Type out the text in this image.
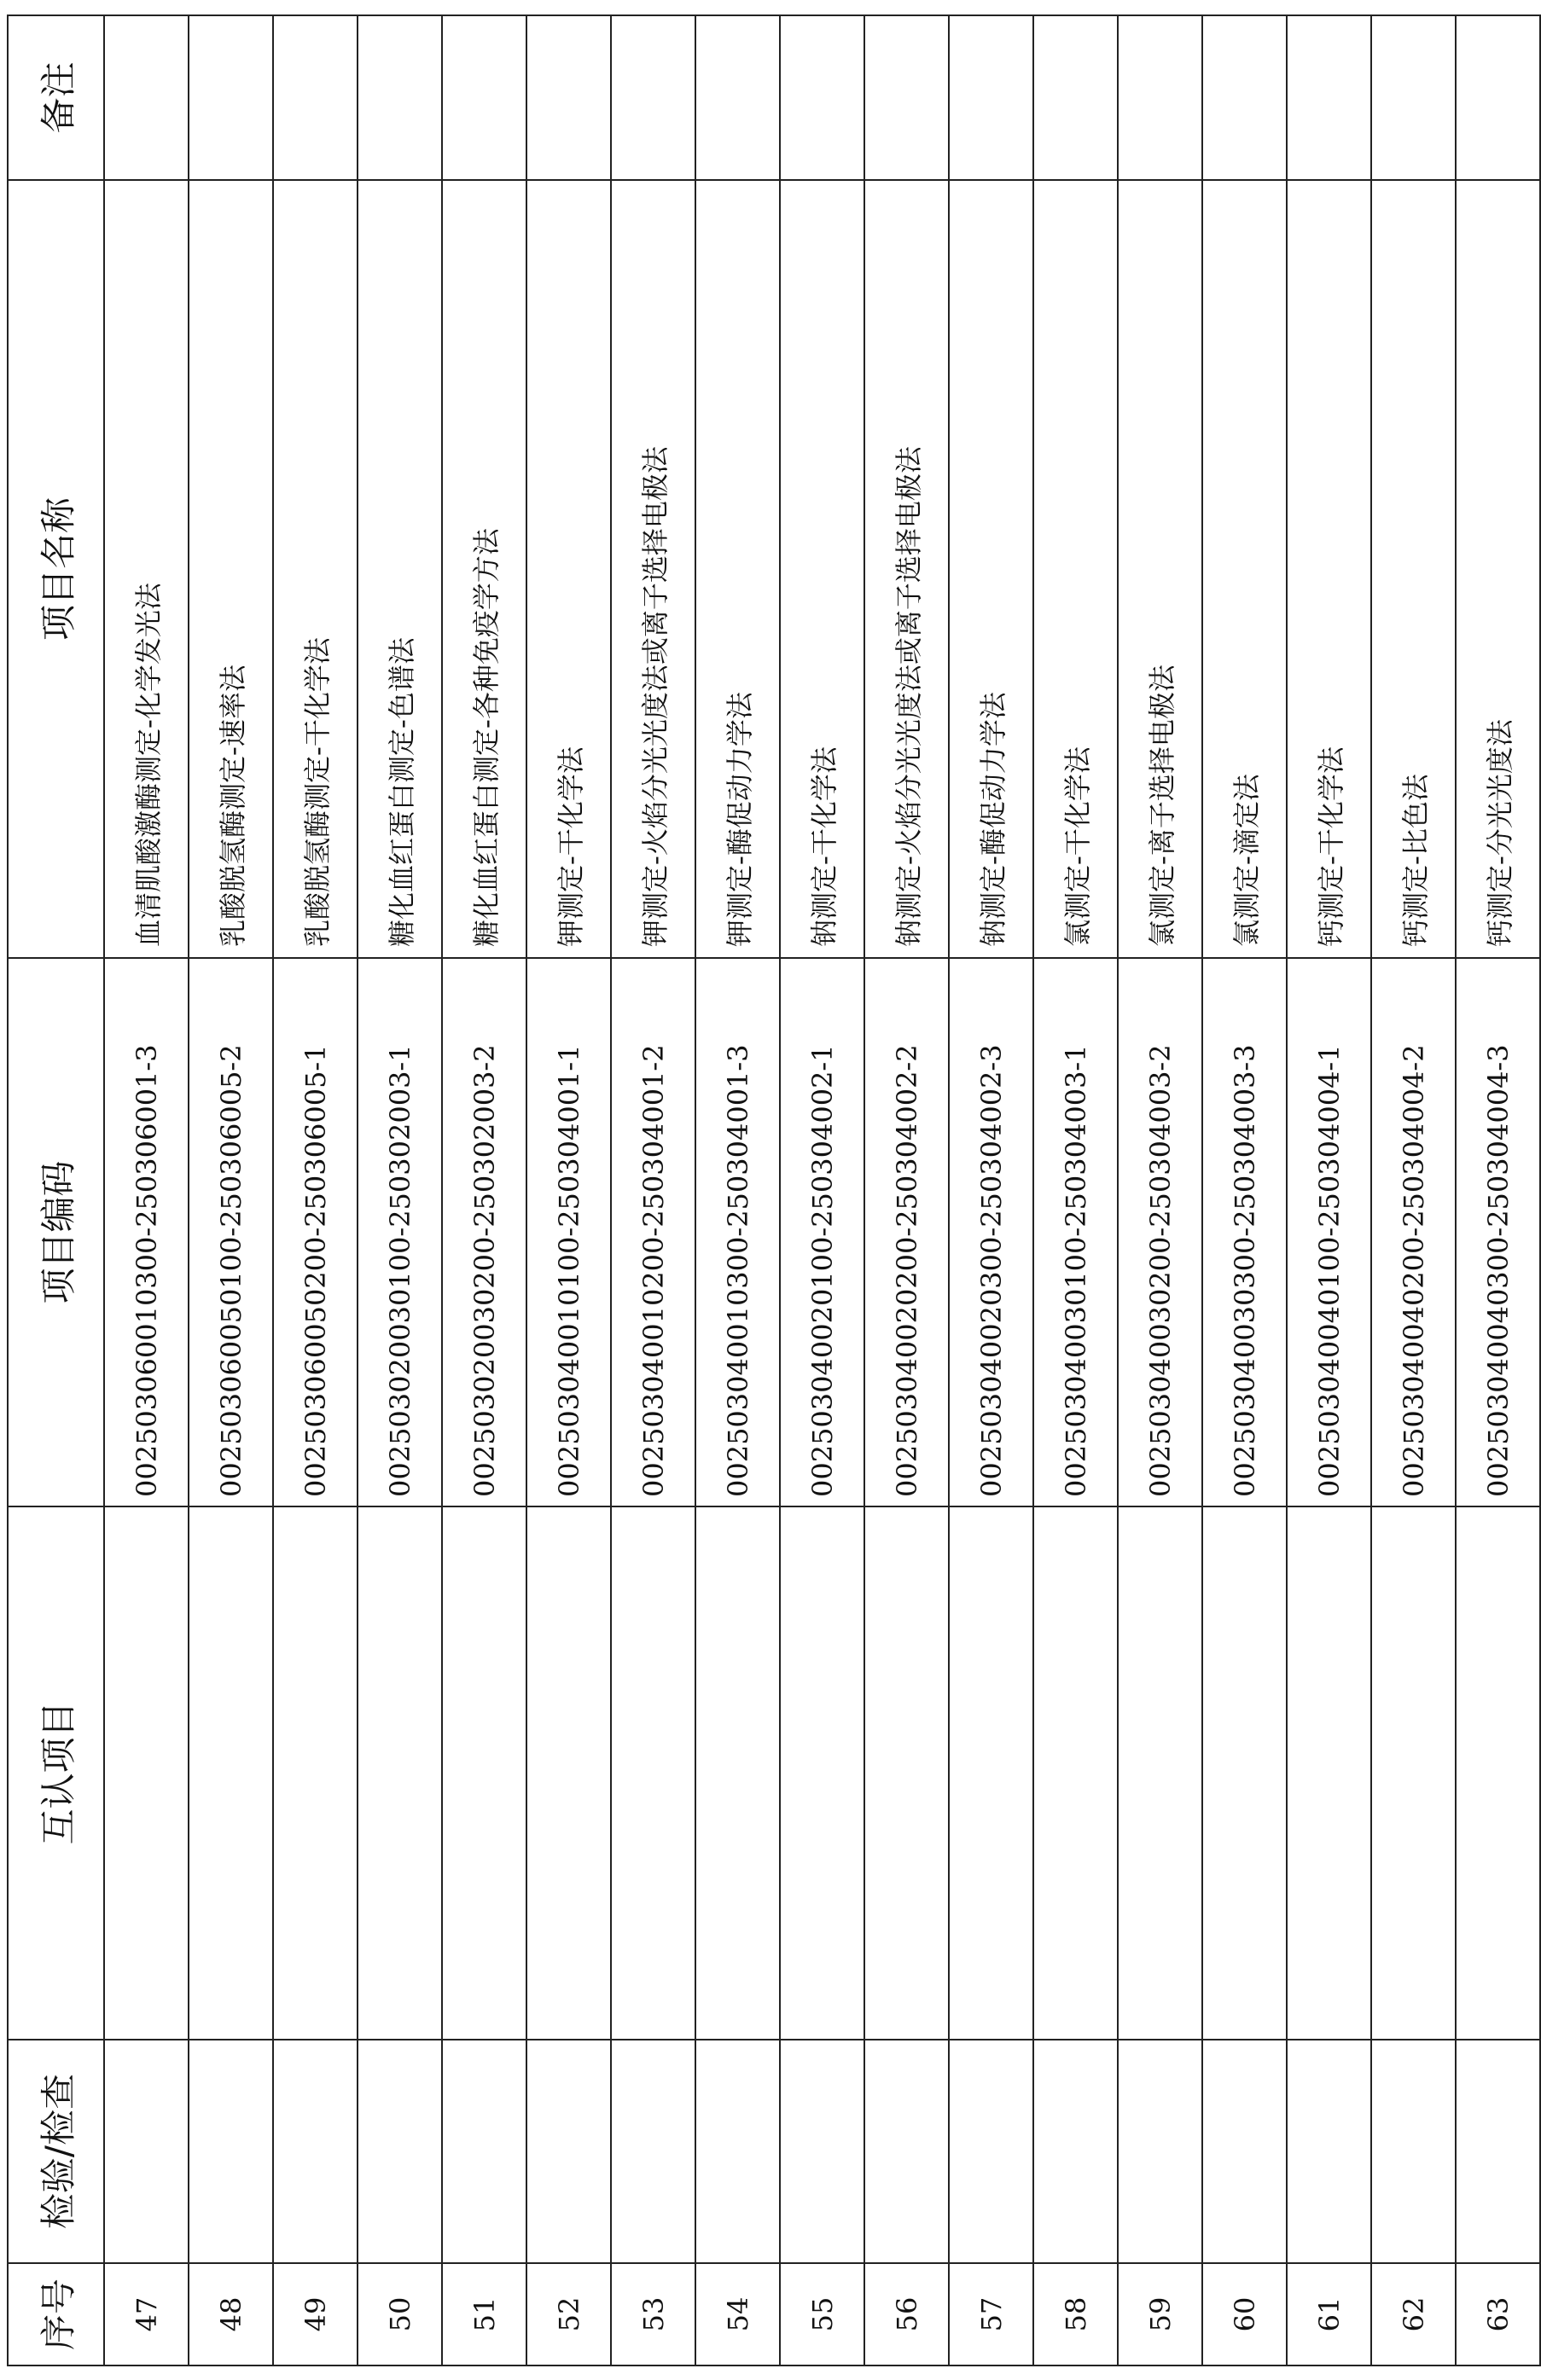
序号	检验/检查	互认项目	项目编码	项目名称	备注
47			002503060010300-250306001-3	血清肌酸激酶测定-化学发光法	
48			002503060050100-250306005-2	乳酸脱氢酶测定-速率法	
49			002503060050200-250306005-1	乳酸脱氢酶测定-干化学法	
50			002503020030100-250302003-1	糖化血红蛋白测定-色谱法	
51			002503020030200-250302003-2	糖化血红蛋白测定-各种免疫学方法	
52			002503040010100-250304001-1	钾测定-干化学法	
53			002503040010200-250304001-2	钾测定-火焰分光光度法或离子选择电极法	
54			002503040010300-250304001-3	钾测定-酶促动力学法	
55			002503040020100-250304002-1	钠测定-干化学法	
56			002503040020200-250304002-2	钠测定-火焰分光光度法或离子选择电极法	
57			002503040020300-250304002-3	钠测定-酶促动力学法	
58			002503040030100-250304003-1	氯测定-干化学法	
59			002503040030200-250304003-2	氯测定-离子选择电极法	
60			002503040030300-250304003-3	氯测定-滴定法	
61			002503040040100-250304004-1	钙测定-干化学法	
62			002503040040200-250304004-2	钙测定-比色法	
63			002503040040300-250304004-3	钙测定-分光光度法	
